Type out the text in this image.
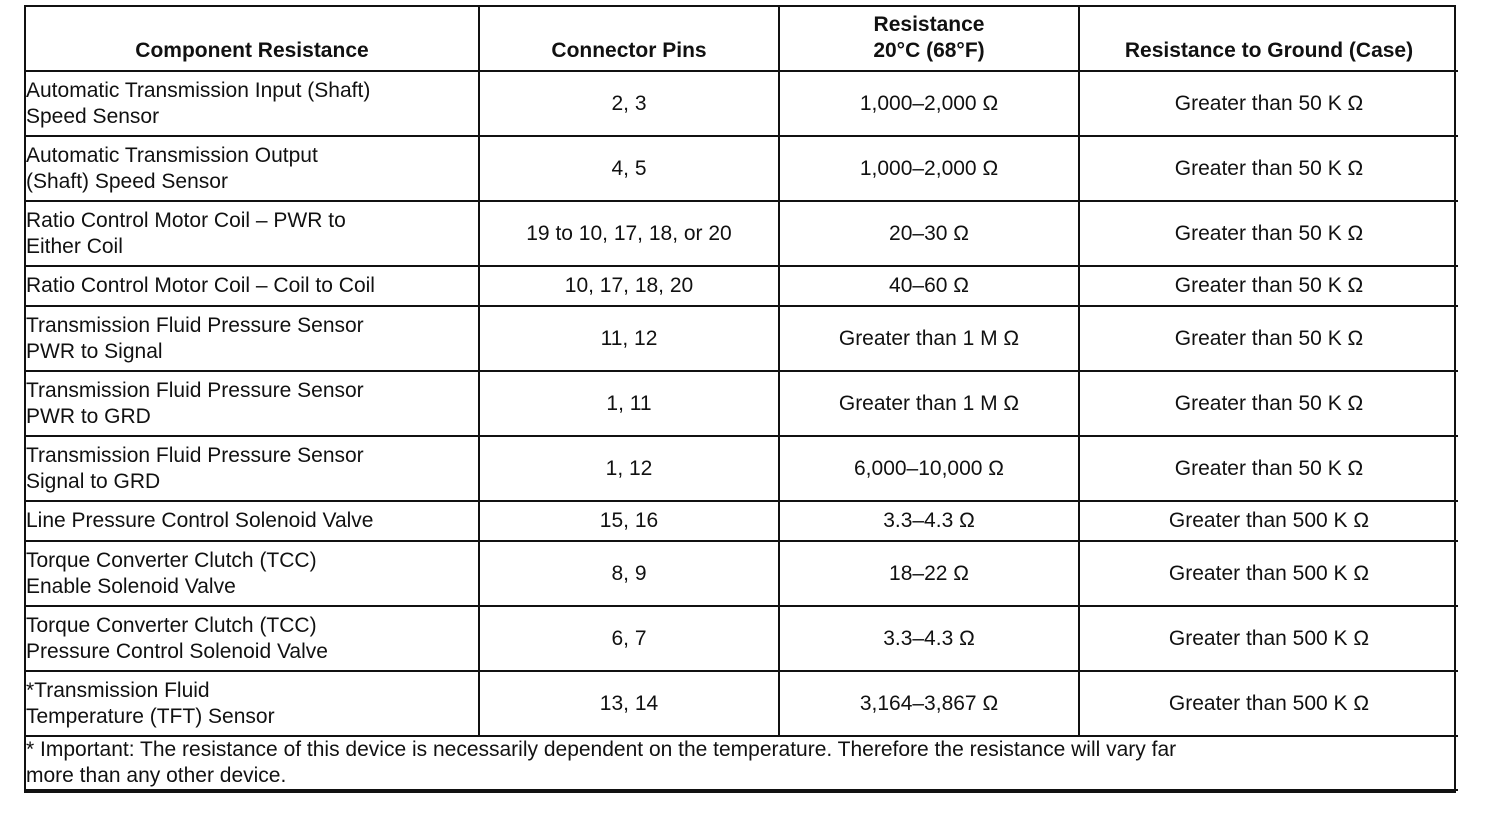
Component Resistance	Connector Pins	Resistance
20°C (68°F)	Resistance to Ground (Case)

Automatic Transmission Input (Shaft)
Speed Sensor	2, 3	1,000–2,000 Ω	Greater than 50 K Ω

Automatic Transmission Output
(Shaft) Speed Sensor	4, 5	1,000–2,000 Ω	Greater than 50 K Ω

Ratio Control Motor Coil – PWR to
Either Coil	19 to 10, 17, 18, or 20	20–30 Ω	Greater than 50 K Ω

Ratio Control Motor Coil – Coil to Coil	10, 17, 18, 20	40–60 Ω	Greater than 50 K Ω

Transmission Fluid Pressure Sensor
PWR to Signal	11, 12	Greater than 1 M Ω	Greater than 50 K Ω

Transmission Fluid Pressure Sensor
PWR to GRD	1, 11	Greater than 1 M Ω	Greater than 50 K Ω

Transmission Fluid Pressure Sensor
Signal to GRD	1, 12	6,000–10,000 Ω	Greater than 50 K Ω

Line Pressure Control Solenoid Valve	15, 16	3.3–4.3 Ω	Greater than 500 K Ω

Torque Converter Clutch (TCC)
Enable Solenoid Valve	8, 9	18–22 Ω	Greater than 500 K Ω

Torque Converter Clutch (TCC)
Pressure Control Solenoid Valve	6, 7	3.3–4.3 Ω	Greater than 500 K Ω

*Transmission Fluid
Temperature (TFT) Sensor	13, 14	3,164–3,867 Ω	Greater than 500 K Ω

* Important: The resistance of this device is necessarily dependent on the temperature. Therefore the resistance will vary far
more than any other device.			
